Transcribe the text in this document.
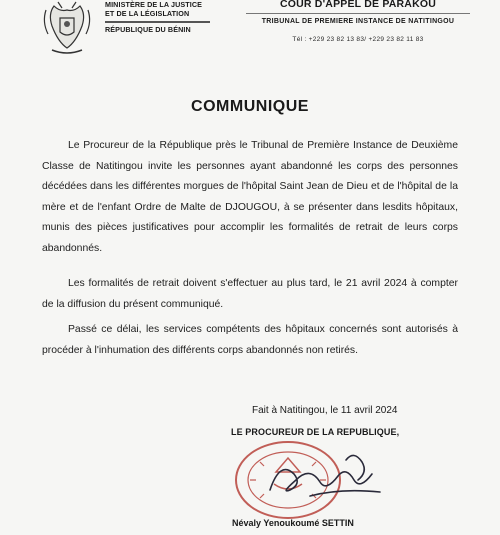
MINISTÈRE DE LA JUSTICE
ET DE LA LÉGISLATION
RÉPUBLIQUE DU BÉNIN
COUR D'APPEL DE PARAKOU
TRIBUNAL DE PREMIERE INSTANCE DE NATITINGOU
Tél : +229 23 82 13 83/ +229 23 82 11 83
COMMUNIQUE
Le Procureur de la République près le Tribunal de Première Instance de Deuxième Classe de Natitingou invite les personnes ayant abandonné les corps des personnes décédées dans les différentes morgues de l'hôpital Saint Jean de Dieu et de l'hôpital de la mère et de l'enfant Ordre de Malte de DJOUGOU, à se présenter dans lesdits hôpitaux, munis des pièces justificatives pour accomplir les formalités de retrait de leurs corps abandonnés.
Les formalités de retrait doivent s'effectuer au plus tard, le 21 avril 2024 à compter de la diffusion du présent communiqué.
Passé ce délai, les services compétents des hôpitaux concernés sont autorisés à procéder à l'inhumation des différents corps abandonnés non retirés.
Fait à Natitingou, le 11 avril 2024
LE PROCUREUR DE LA REPUBLIQUE,
Névaly Yenoukoumé SETTIN
